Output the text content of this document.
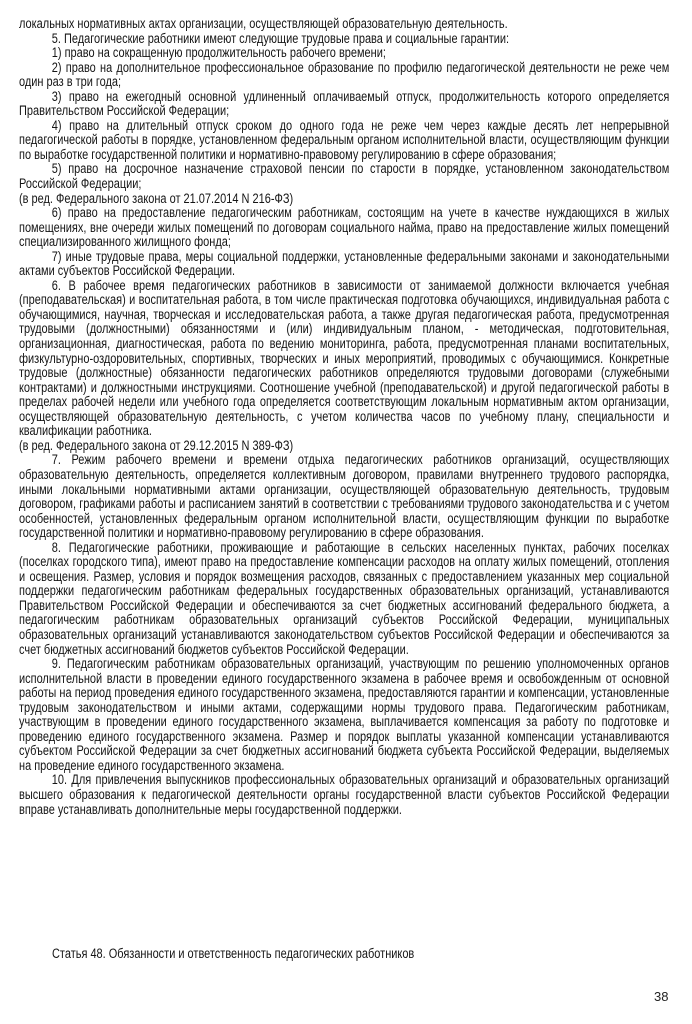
локальных нормативных актах организации, осуществляющей образовательную деятельность.

5. Педагогические работники имеют следующие трудовые права и социальные гарантии:

1) право на сокращенную продолжительность рабочего времени;

2) право на дополнительное профессиональное образование по профилю педагогической деятельности не реже чем один раз в три года;

3) право на ежегодный основной удлиненный оплачиваемый отпуск, продолжительность которого определяется Правительством Российской Федерации;

4) право на длительный отпуск сроком до одного года не реже чем через каждые десять лет непрерывной педагогической работы в порядке, установленном федеральным органом исполнительной власти, осуществляющим функции по выработке государственной политики и нормативно-правовому регулированию в сфере образования;

5) право на досрочное назначение страховой пенсии по старости в порядке, установленном законодательством Российской Федерации;

(в ред. Федерального закона от 21.07.2014 N 216-ФЗ)

6) право на предоставление педагогическим работникам, состоящим на учете в качестве нуждающихся в жилых помещениях, вне очереди жилых помещений по договорам социального найма, право на предоставление жилых помещений специализированного жилищного фонда;

7) иные трудовые права, меры социальной поддержки, установленные федеральными законами и законодательными актами субъектов Российской Федерации.

6. В рабочее время педагогических работников в зависимости от занимаемой должности включается учебная (преподавательская) и воспитательная работа, в том числе практическая подготовка обучающихся, индивидуальная работа с обучающимися, научная, творческая и исследовательская работа, а также другая педагогическая работа, предусмотренная трудовыми (должностными) обязанностями и (или) индивидуальным планом, - методическая, подготовительная, организационная, диагностическая, работа по ведению мониторинга, работа, предусмотренная планами воспитательных, физкультурно-оздоровительных, спортивных, творческих и иных мероприятий, проводимых с обучающимися. Конкретные трудовые (должностные) обязанности педагогических работников определяются трудовыми договорами (служебными контрактами) и должностными инструкциями. Соотношение учебной (преподавательской) и другой педагогической работы в пределах рабочей недели или учебного года определяется соответствующим локальным нормативным актом организации, осуществляющей образовательную деятельность, с учетом количества часов по учебному плану, специальности и квалификации работника.

(в ред. Федерального закона от 29.12.2015 N 389-ФЗ)

7. Режим рабочего времени и времени отдыха педагогических работников организаций, осуществляющих образовательную деятельность, определяется коллективным договором, правилами внутреннего трудового распорядка, иными локальными нормативными актами организации, осуществляющей образовательную деятельность, трудовым договором, графиками работы и расписанием занятий в соответствии с требованиями трудового законодательства и с учетом особенностей, установленных федеральным органом исполнительной власти, осуществляющим функции по выработке государственной политики и нормативно-правовому регулированию в сфере образования.

8. Педагогические работники, проживающие и работающие в сельских населенных пунктах, рабочих поселках (поселках городского типа), имеют право на предоставление компенсации расходов на оплату жилых помещений, отопления и освещения. Размер, условия и порядок возмещения расходов, связанных с предоставлением указанных мер социальной поддержки педагогическим работникам федеральных государственных образовательных организаций, устанавливаются Правительством Российской Федерации и обеспечиваются за счет бюджетных ассигнований федерального бюджета, а педагогическим работникам образовательных организаций субъектов Российской Федерации, муниципальных образовательных организаций устанавливаются законодательством субъектов Российской Федерации и обеспечиваются за счет бюджетных ассигнований бюджетов субъектов Российской Федерации.

9. Педагогическим работникам образовательных организаций, участвующим по решению уполномоченных органов исполнительной власти в проведении единого государственного экзамена в рабочее время и освобожденным от основной работы на период проведения единого государственного экзамена, предоставляются гарантии и компенсации, установленные трудовым законодательством и иными актами, содержащими нормы трудового права. Педагогическим работникам, участвующим в проведении единого государственного экзамена, выплачивается компенсация за работу по подготовке и проведению единого государственного экзамена. Размер и порядок выплаты указанной компенсации устанавливаются субъектом Российской Федерации за счет бюджетных ассигнований бюджета субъекта Российской Федерации, выделяемых на проведение единого государственного экзамена.

10. Для привлечения выпускников профессиональных образовательных организаций и образовательных организаций высшего образования к педагогической деятельности органы государственной власти субъектов Российской Федерации вправе устанавливать дополнительные меры государственной поддержки.

Статья 48. Обязанности и ответственность педагогических работников

38
